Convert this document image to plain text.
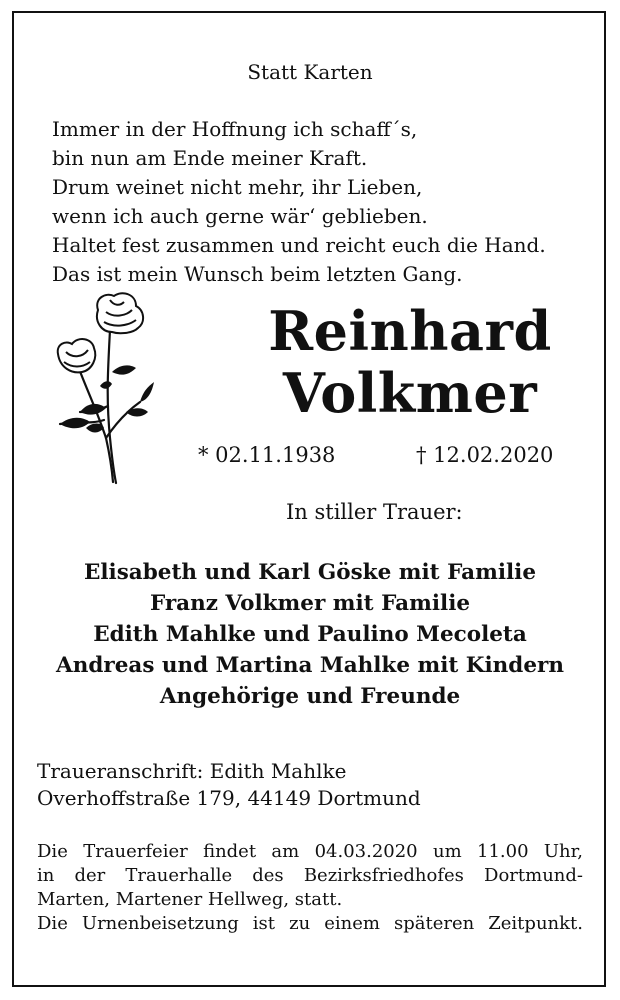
Statt Karten
Immer in der Hoffnung ich schaff´s,
bin nun am Ende meiner Kraft.
Drum weinet nicht mehr, ihr Lieben,
wenn ich auch gerne wär‘ geblieben.
Haltet fest zusammen und reicht euch die Hand.
Das ist mein Wunsch beim letzten Gang.
Reinhard
Volkmer
* 02.11.1938	† 12.02.2020
In stiller Trauer:
Elisabeth und Karl Göske mit Familie
Franz Volkmer mit Familie
Edith Mahlke und Paulino Mecoleta
Andreas und Martina Mahlke mit Kindern
Angehörige und Freunde
Traueranschrift: Edith Mahlke
Overhoffstraße 179, 44149 Dortmund
Die Trauerfeier findet am 04.03.2020 um 11.00 Uhr,
in der Trauerhalle des Bezirksfriedhofes Dortmund-
Marten, Martener Hellweg, statt.
Die Urnenbeisetzung ist zu einem späteren Zeitpunkt.
